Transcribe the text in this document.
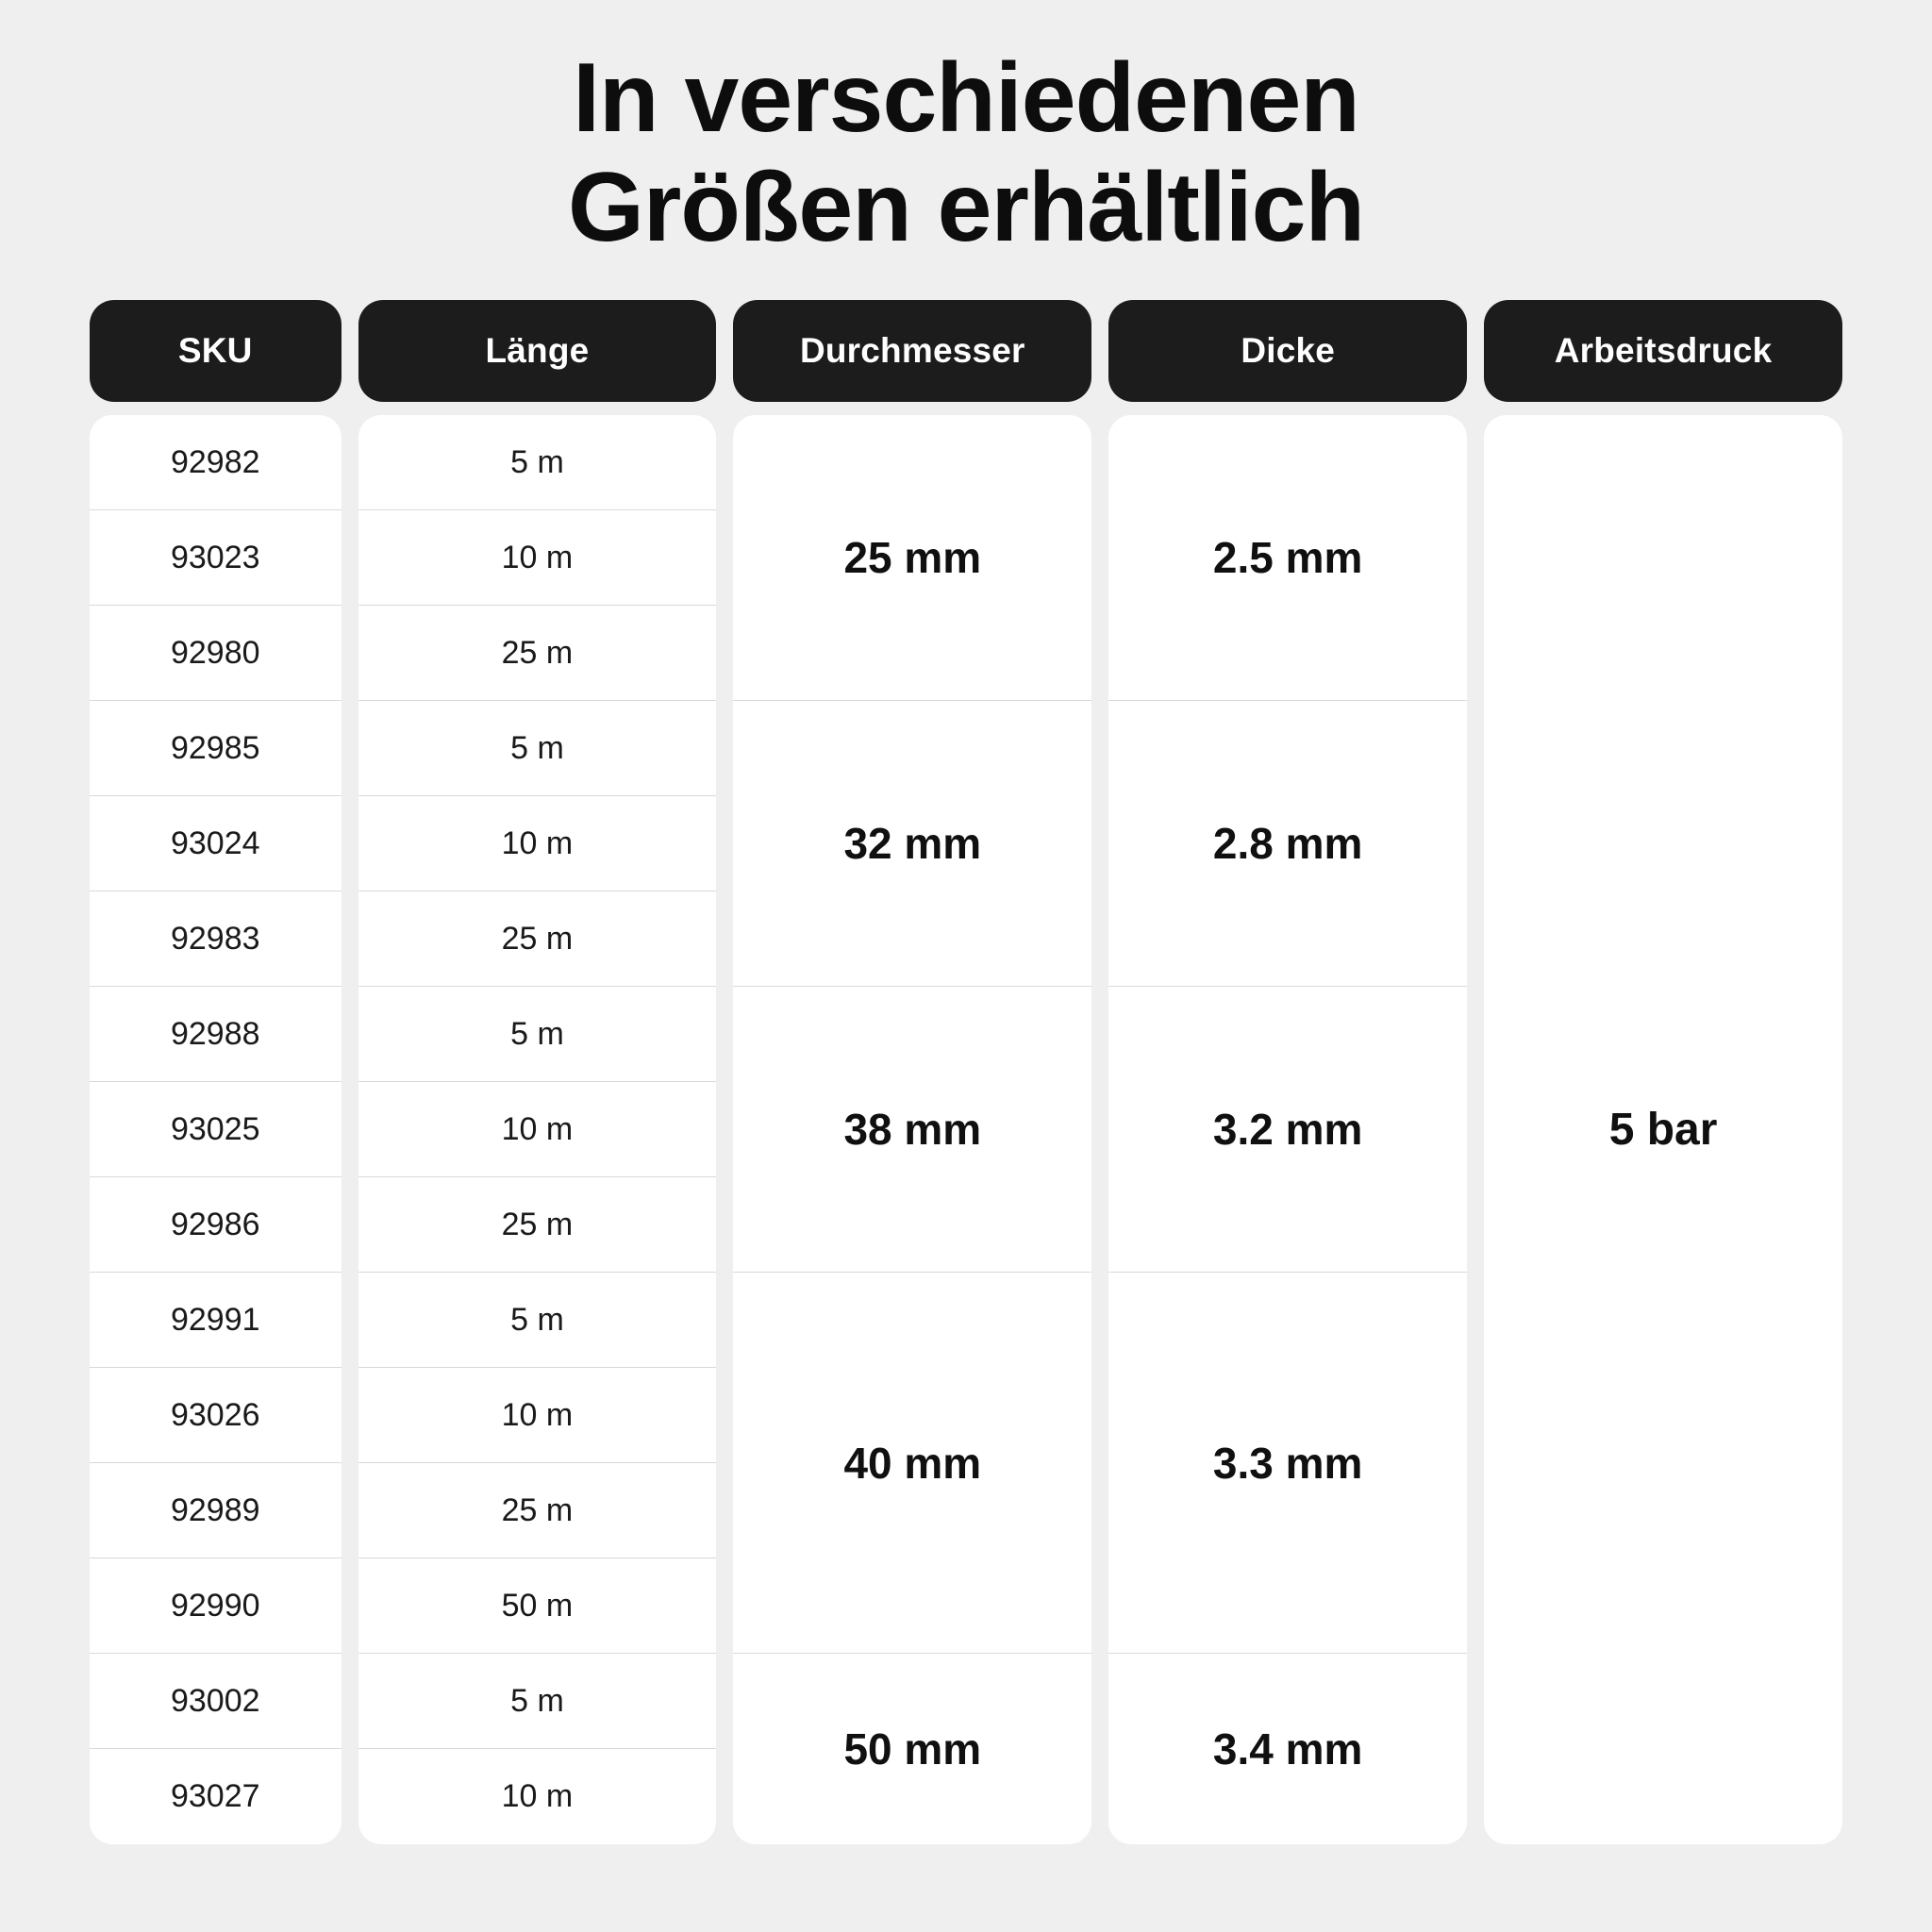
In verschiedenen
Größen erhältlich
SKU
92982
93023
92980
92985
93024
92983
92988
93025
92986
92991
93026
92989
92990
93002
93027
Länge
5 m
10 m
25 m
5 m
10 m
25 m
5 m
10 m
25 m
5 m
10 m
25 m
50 m
5 m
10 m
Durchmesser
25 mm
32 mm
38 mm
40 mm
50 mm
Dicke
2.5 mm
2.8 mm
3.2 mm
3.3 mm
3.4 mm
Arbeitsdruck
5 bar
